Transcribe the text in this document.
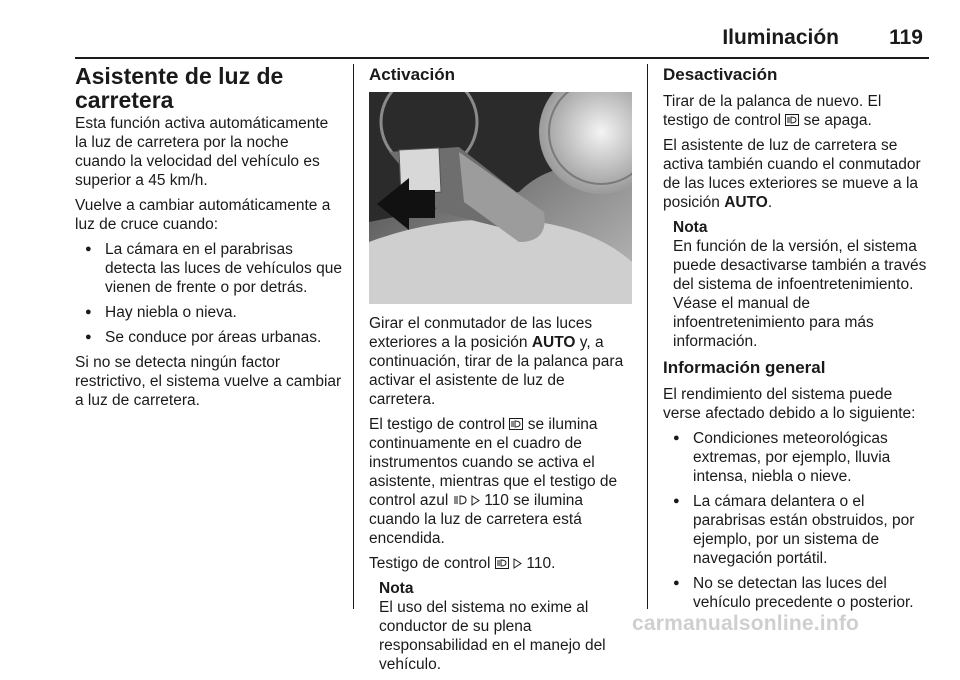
Iluminación 119
Asistente de luz de carretera

Esta función activa automáticamente la luz de carretera por la noche cuando la velocidad del vehículo es superior a 45 km/h.

Vuelve a cambiar automáticamente a luz de cruce cuando:

● La cámara en el parabrisas detecta las luces de vehículos que vienen de frente o por detrás.
● Hay niebla o nieva.
● Se conduce por áreas urbanas.

Si no se detecta ningún factor restrictivo, el sistema vuelve a cambiar a luz de carretera.

Activación

Girar el conmutador de las luces exteriores a la posición AUTO y, a continuación, tirar de la palanca para activar el asistente de luz de carretera.

El testigo de control  se ilumina continuamente en el cuadro de instrumentos cuando se activa el asistente, mientras que el testigo de control azul   110 se ilumina cuando la luz de carretera está encendida.

Testigo de control   110.

Nota
El uso del sistema no exime al conductor de su plena responsabilidad en el manejo del vehículo.
Desactivación

Tirar de la palanca de nuevo. El testigo de control  se apaga.

El asistente de luz de carretera se activa también cuando el conmutador de las luces exteriores se mueve a la posición AUTO.

Nota
En función de la versión, el sistema puede desactivarse también a través del sistema de infoentretenimiento. Véase el manual de infoentretenimiento para más información.
Información general

El rendimiento del sistema puede verse afectado debido a lo siguiente:

● Condiciones meteorológicas extremas, por ejemplo, lluvia intensa, niebla o nieve.
● La cámara delantera o el parabrisas están obstruidos, por ejemplo, por un sistema de navegación portátil.
● No se detectan las luces del vehículo precedente o posterior.
carmanualsonline.info
